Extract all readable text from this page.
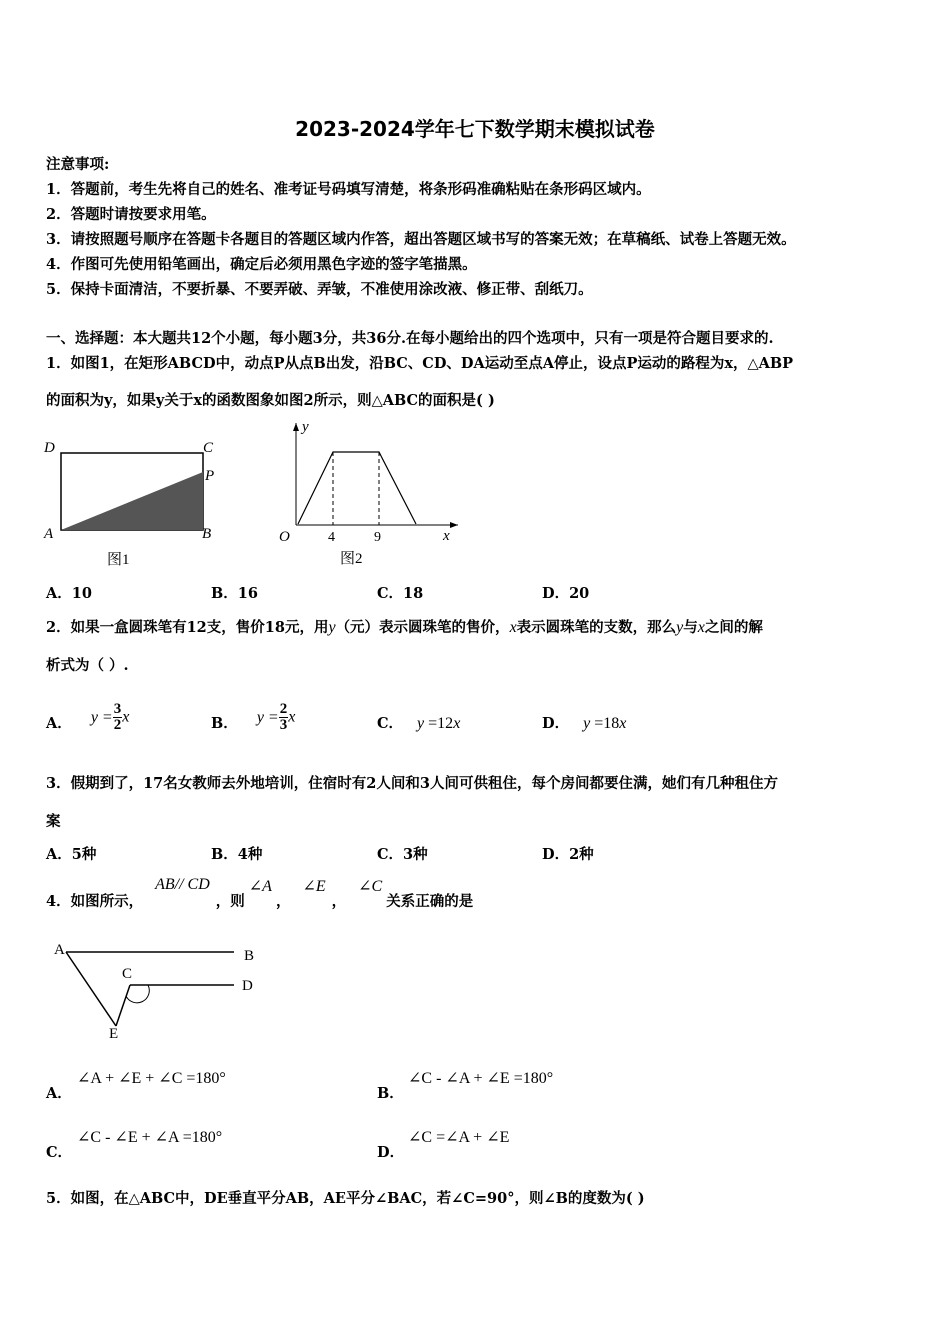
2023-2024学年七下数学期末模拟试卷
注意事项:
1．答题前，考生先将自己的姓名、准考证号码填写清楚，将条形码准确粘贴在条形码区域内。
2．答题时请按要求用笔。
3．请按照题号顺序在答题卡各题目的答题区域内作答，超出答题区域书写的答案无效；在草稿纸、试卷上答题无效。
4．作图可先使用铅笔画出，确定后必须用黑色字迹的签字笔描黑。
5．保持卡面清洁，不要折暴、不要弄破、弄皱，不准使用涂改液、修正带、刮纸刀。
一、选择题：本大题共12个小题，每小题3分，共36分.在每小题给出的四个选项中，只有一项是符合题目要求的.
1．如图1，在矩形ABCD中，动点P从点B出发，沿BC、CD、DA运动至点A停止，设点P运动的路程为x，△ABP
的面积为y，如果y关于x的函数图象如图2所示，则△ABC的面积是( )
D	C
P
A	B
图1
y
x
O	4	9
图2
A．10	B．16	C．18	D．20
2．如果一盒圆珠笔有12支，售价18元，用y（元）表示圆珠笔的售价，x表示圆珠笔的支数，那么y与x之间的解
析式为（ ）.
A． $y = \frac{3}{2}$ x	B． $y = \frac{2}{3}$ x	C． y =12x	D． y =18x
3．假期到了，17名女教师去外地培训，住宿时有2人间和3人间可供租住，每个房间都要住满，她们有几种租住方
案
A．5种	B．4种	C．3种	D．2种
4．如图所示，AB// CD，则∠A，∠E，∠C关系正确的是
A	B
C
D
E
A．
∠A + ∠E + ∠C =180°
B．
∠C - ∠A + ∠E =180°
C．
∠C - ∠E + ∠A =180°
D．
∠C =∠A + ∠E
5．如图，在△ABC中，DE垂直平分AB，AE平分∠BAC，若∠C=90°，则∠B的度数为( )
